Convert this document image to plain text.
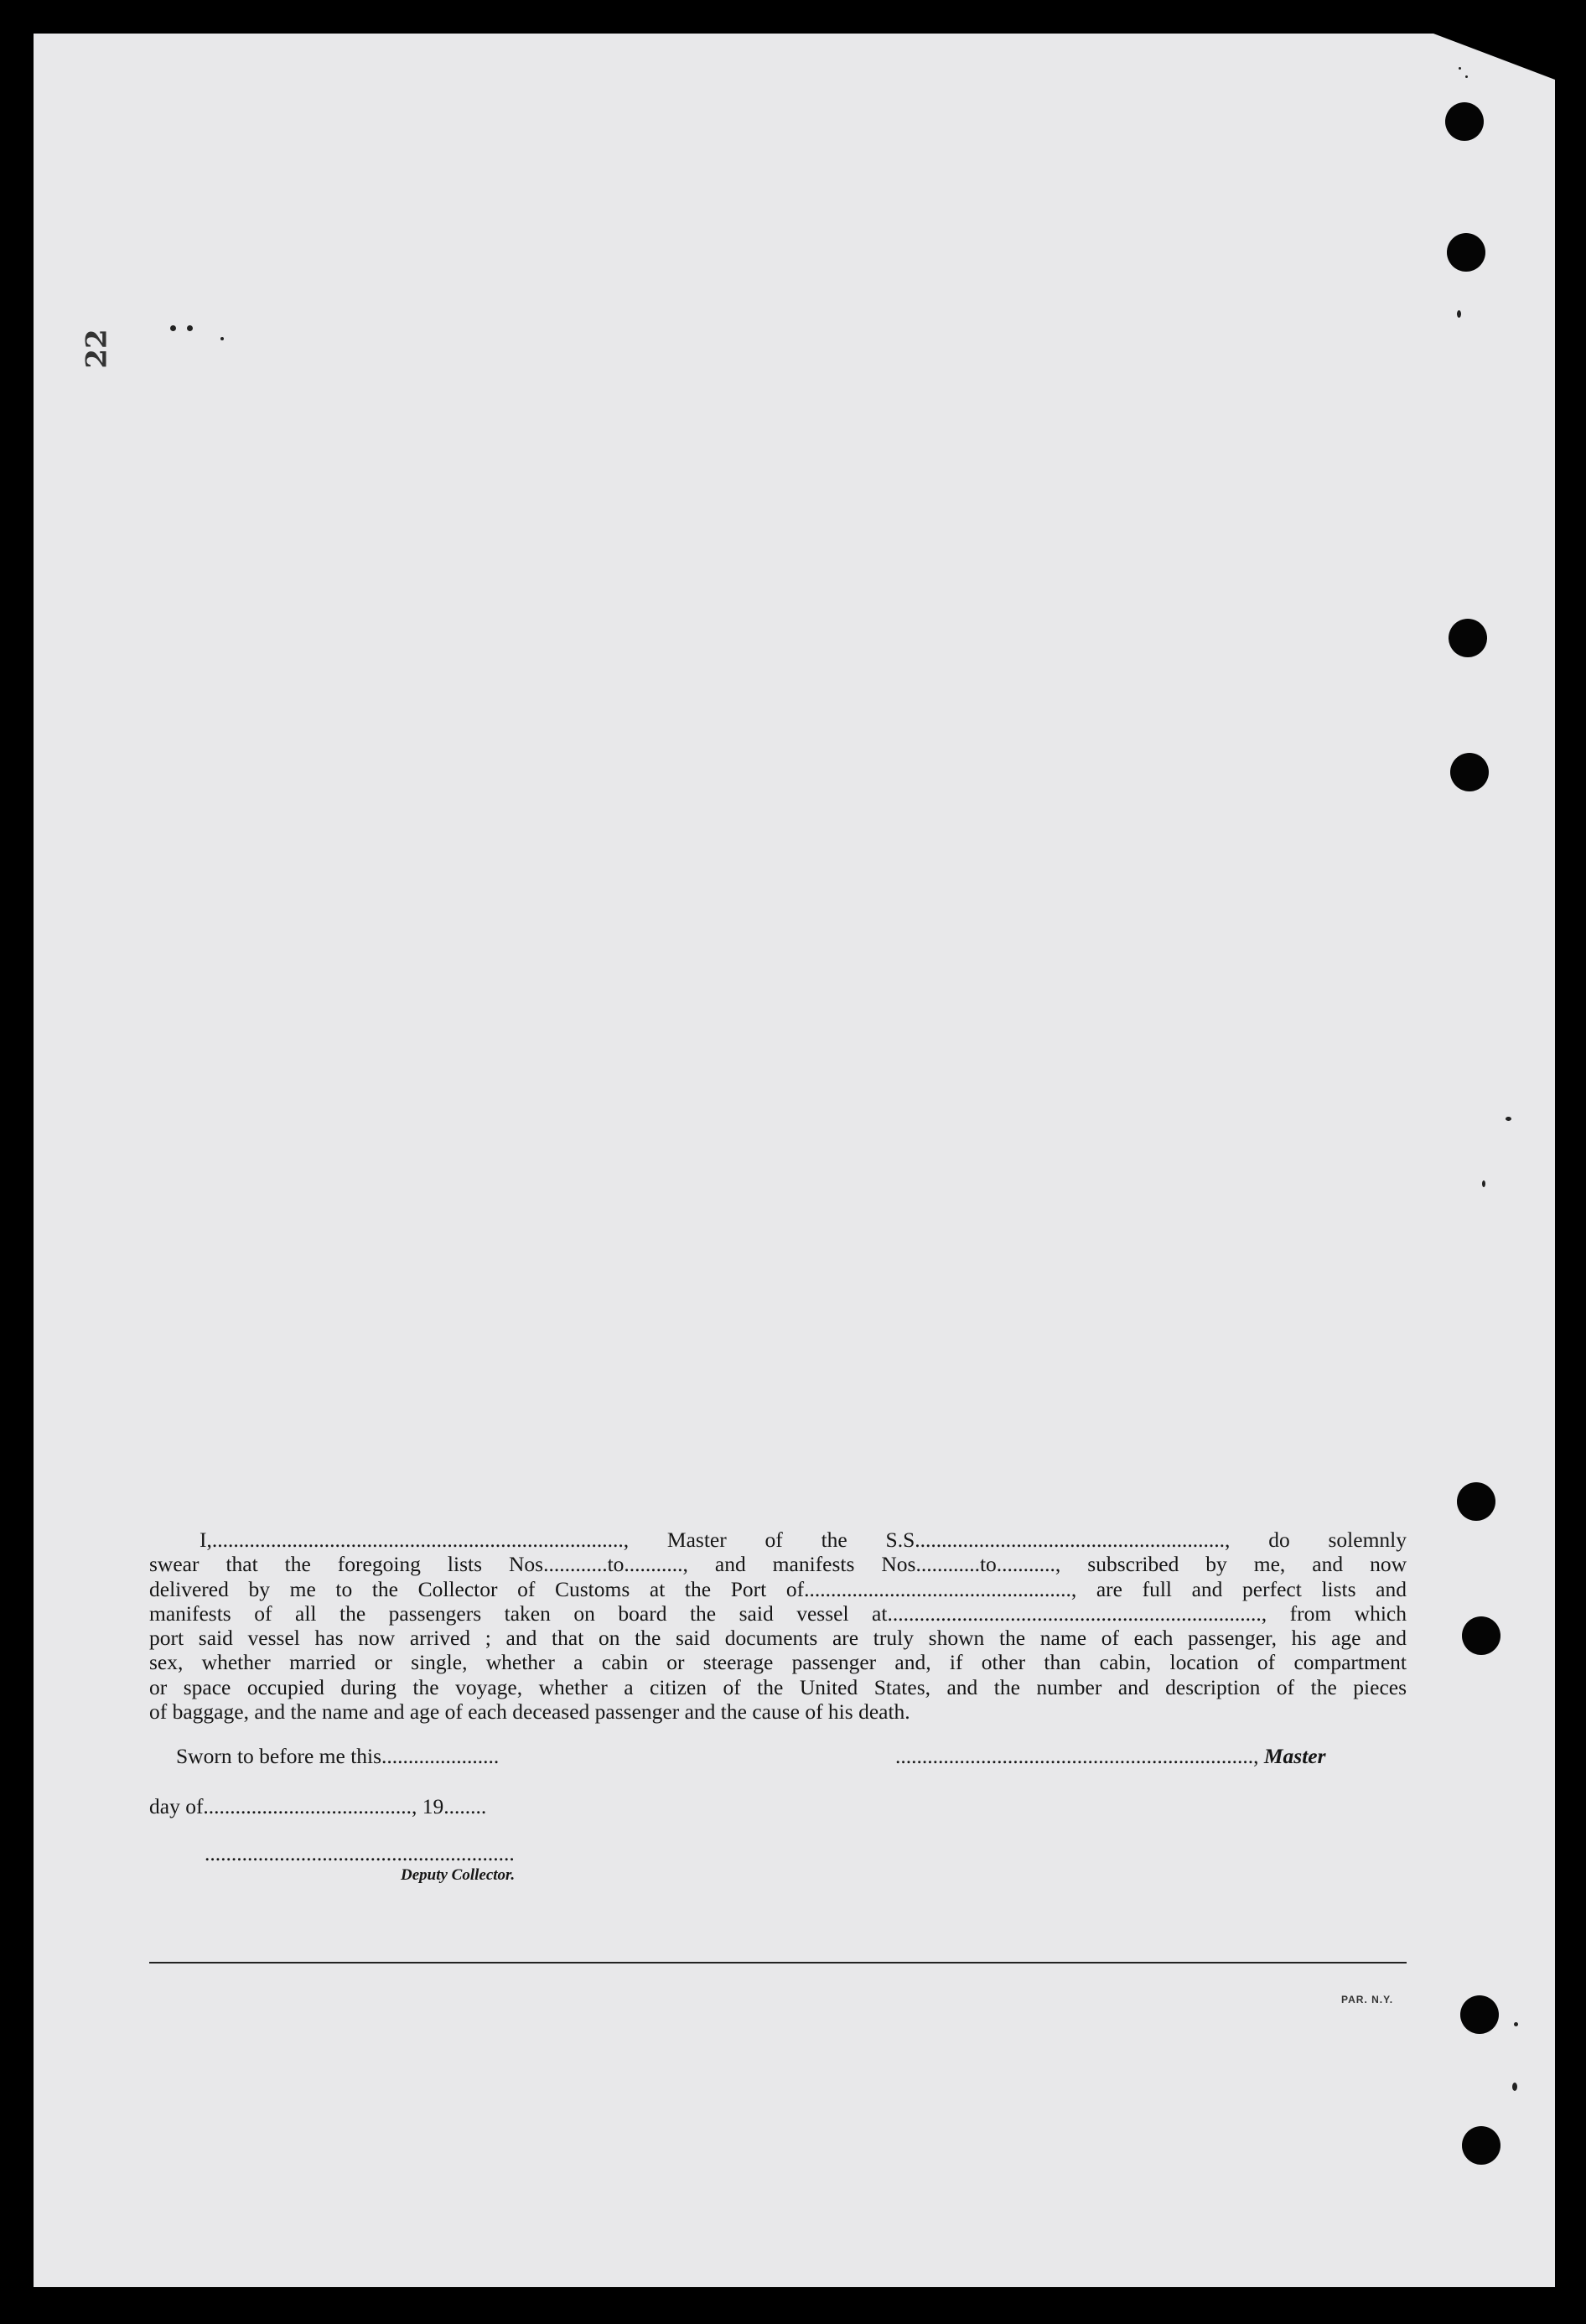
22

I,............................................................................., Master of the S.S.........................................................., do solemnly

swear that the foregoing lists Nos............to..........., and manifests Nos............to..........., subscribed by me, and now

delivered by me to the Collector of Customs at the Port of.................................................., are full and perfect lists and

manifests of all the passengers taken on board the said vessel at......................................................................, from which

port said vessel has now arrived ; and that on the said documents are truly shown the name of each passenger, his age and

sex, whether married or single, whether a cabin or steerage passenger and, if other than cabin, location of compartment

or space occupied during the voyage, whether a citizen of the United States, and the number and description of the pieces

of baggage, and the name and age of each deceased passenger and the cause of his death.

Sworn to before me this......................	..................................................................., Master
day of......................................., 19........
..........................................................
Deputy Collector.
PAR. N.Y.
